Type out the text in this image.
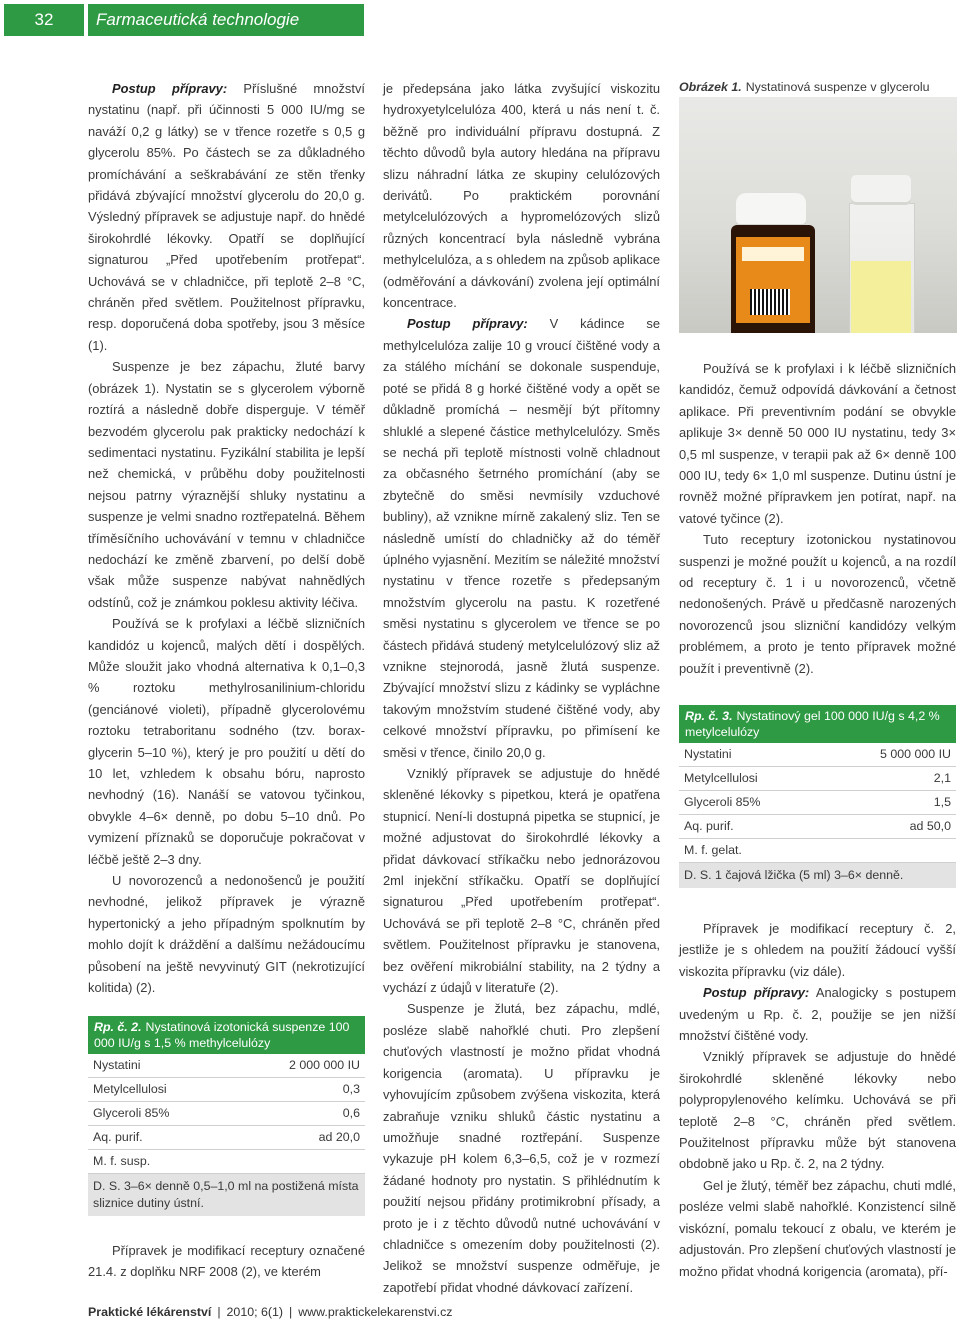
32	Farmaceutická technologie

Postup přípravy: Příslušné množství nystatinu (např. při účinnosti 5 000 IU/mg se naváží 0,2 g látky) se v třence rozetře s 0,5 g glycerolu 85%. Po částech se za důkladného promíchávání a seškrabávání ze stěn třenky přidává zbývající množství glycerolu do 20,0 g. Výsledný přípravek se adjustuje např. do hnědé širokohrdlé lékovky. Opatří se doplňující signaturou „Před upotřebením protřepat“. Uchovává se v chladničce, při teplotě 2–8 °C, chráněn před světlem. Použitelnost přípravku, resp. doporučená doba spotřeby, jsou 3 měsíce (1).

Suspenze je bez zápachu, žluté barvy (obrázek 1). Nystatin se s glycerolem výborně roztírá a následně dobře disperguje. V téměř bezvodém glycerolu pak prakticky nedochází k sedimentaci nystatinu. Fyzikální stabilita je lepší než chemická, v průběhu doby použitelnosti nejsou patrny výraznější shluky nystatinu a suspenze je velmi snadno roztřepatelná. Během tříměsíčního uchovávání v temnu v chladničce nedochází ke změně zbarvení, po delší době však může suspenze nabývat nahnědlých odstínů, což je známkou poklesu aktivity léčiva.

Používá se k profylaxi a léčbě slizničních kandidóz u kojenců, malých dětí i dospělých. Může sloužit jako vhodná alternativa k 0,1–0,3 % roztoku methylrosanilinium-chloridu (genciánové violeti), případně glycerolovému roztoku tetraboritanu sodného (tzv. borax-glycerin 5–10 %), který je pro použití u dětí do 10 let, vzhledem k obsahu bóru, naprosto nevhodný (16). Nanáší se vatovou tyčinkou, obvykle 4–6× denně, po dobu 5–10 dnů. Po vymizení příznaků se doporučuje pokračovat v léčbě ještě 2–3 dny.

U novorozenců a nedonošenců je použití nevhodné, jelikož přípravek je výrazně hypertonický a jeho případným spolknutím by mohlo dojít k dráždění a dalšímu nežádoucímu působení na ještě nevyvinutý GIT (nekrotizující kolitida) (2).

Rp. č. 2. Nystatinová izotonická suspenze 100 000 IU/g s 1,5 % methylcelulózy
Nystatini	2 000 000 IU
Metylcellulosi	0,3
Glyceroli 85%	0,6
Aq. purif.	ad 20,0
M. f. susp.
D. S. 3–6× denně 0,5–1,0 ml na postižená místa sliznice dutiny ústní.

Přípravek je modifikací receptury označené 21.4. z doplňku NRF 2008 (2), ve kterém

je předepsána jako látka zvyšující viskozitu hydroxyetylcelulóza 400, která u nás není t. č. běžně pro individuální přípravu dostupná. Z těchto důvodů byla autory hledána na přípravu slizu náhradní látka ze skupiny celulózových derivátů. Po praktickém porovnání metylcelulózových a hypromelózových slizů různých koncentrací byla následně vybrána methylcelulóza, a s ohledem na způsob aplikace (odměřování a dávkování) zvolena její optimální koncentrace.

Postup přípravy: V kádince se methylcelulóza zalije 10 g vroucí čištěné vody a za stálého míchání se dokonale suspenduje, poté se přidá 8 g horké čištěné vody a opět se důkladně promíchá – nesmějí být přítomny shluklé a slepené částice methylcelulózy. Směs se nechá při teplotě místnosti volně chladnout za občasného šetrného promíchání (aby se zbytečně do směsi nevmísily vzduchové bubliny), až vznikne mírně zakalený sliz. Ten se následně umístí do chladničky až do téměř úplného vyjasnění. Mezitím se náležité množství nystatinu v třence rozetře s předepsaným množstvím glycerolu na pastu. K rozetřené směsi nystatinu s glycerolem ve třence se po částech přidává studený metylcelulózový sliz až vznikne stejnorodá, jasně žlutá suspenze. Zbývající množství slizu z kádinky se vypláchne takovým množstvím studené čištěné vody, aby celkové množství přípravku, po přimísení ke směsi v třence, činilo 20,0 g.

Vzniklý přípravek se adjustuje do hnědé skleněné lékovky s pipetkou, která je opatřena stupnicí. Není-li dostupná pipetka se stupnicí, je možné adjustovat do širokohrdlé lékovky a přidat dávkovací stříkačku nebo jednorázovou 2ml injekční stříkačku. Opatří se doplňující signaturou „Před upotřebením protřepat“. Uchovává se při teplotě 2–8 °C, chráněn před světlem. Použitelnost přípravku je stanovena, bez ověření mikrobiální stability, na 2 týdny a vychází z údajů v literatuře (2).

Suspenze je žlutá, bez zápachu, mdlé, posléze slabě nahořklé chuti. Pro zlepšení chuťových vlastností je možno přidat vhodná korigencia (aromata). U přípravku je vyhovujícím způsobem zvýšena viskozita, která zabraňuje vzniku shluků částic nystatinu a umožňuje snadné roztřepání. Suspenze vykazuje pH kolem 6,3–6,5, což je v rozmezí žádané hodnoty pro nystatin. S přihlédnutím k použití nejsou přidány protimikrobní přísady, a proto je i z těchto důvodů nutné uchovávání v chladničce s omezením doby použitelnosti (2). Jelikož se množství suspenze odměřuje, je zapotřebí přidat vhodné dávkovací zařízení.

Obrázek 1. Nystatinová suspenze v glycerolu

Používá se k profylaxi i k léčbě slizničních kandidóz, čemuž odpovídá dávkování a četnost aplikace. Při preventivním podání se obvykle aplikuje 3× denně 50 000 IU nystatinu, tedy 3× 0,5 ml suspenze, v terapii pak až 6× denně 100 000 IU, tedy 6× 1,0 ml suspenze. Dutinu ústní je rovněž možné přípravkem jen potírat, např. na vatové tyčince (2).

Tuto receptury izotonickou nystatinovou suspenzi je možné použít u kojenců, a na rozdíl od receptury č. 1 i u novorozenců, včetně nedonošených. Právě u předčasně narozených novorozenců jsou slizniční kandidózy velkým problémem, a proto je tento přípravek možné použít i preventivně (2).

Rp. č. 3. Nystatinový gel 100 000 IU/g s 4,2 % metylcelulózy
Nystatini	5 000 000 IU
Metylcellulosi	2,1
Glyceroli 85%	1,5
Aq. purif.	ad 50,0
M. f. gelat.
D. S. 1 čajová lžička (5 ml) 3–6× denně.

Přípravek je modifikací receptury č. 2, jestliže je s ohledem na použití žádoucí vyšší viskozita přípravku (viz dále).

Postup přípravy: Analogicky s postupem uvedeným u Rp. č. 2, použije se jen nižší množství čištěné vody.

Vzniklý přípravek se adjustuje do hnědé širokohrdlé skleněné lékovky nebo polypropylenového kelímku. Uchovává se při teplotě 2–8 °C, chráněn před světlem. Použitelnost přípravku může být stanovena obdobně jako u Rp. č. 2, na 2 týdny.

Gel je žlutý, téměř bez zápachu, chuti mdlé, posléze velmi slabě nahořklé. Konzistencí silně viskózní, pomalu tekoucí z obalu, ve kterém je adjustován. Pro zlepšení chuťových vlastností je možno přidat vhodná korigencia (aromata), pří-

Praktické lékárenství | 2010; 6(1) | www.praktickelekarenstvi.cz
